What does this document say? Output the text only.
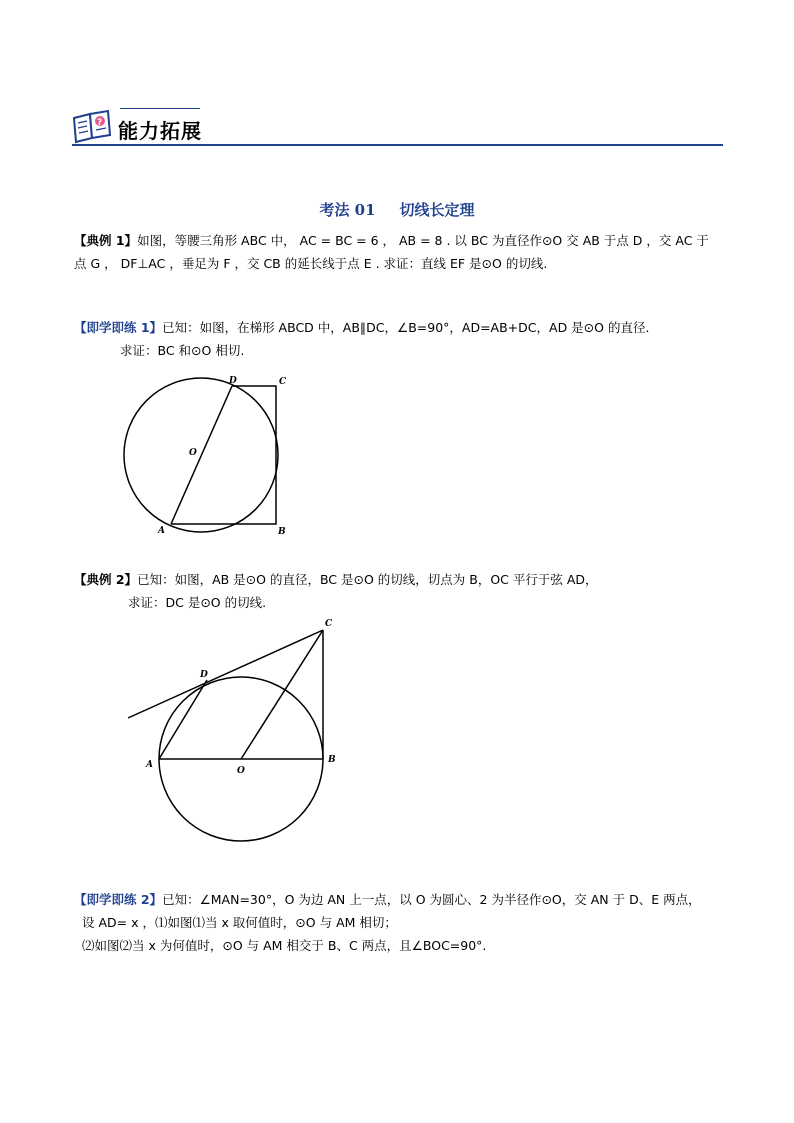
? 能力拓展
考法 01 切线长定理
【典例 1】如图，等腰三角形 ABC 中， AC = BC = 6 ， AB = 8 . 以 BC 为直径作⊙O 交 AB 于点 D ，交 AC 于
点 G ， DF⊥AC ，垂足为 F ，交 CB 的延长线于点 E . 求证：直线 EF 是⊙O 的切线.
【即学即练 1】已知：如图，在梯形 ABCD 中，AB∥DC，∠B=90°，AD=AB+DC，AD 是⊙O 的直径.
求证：BC 和⊙O 相切.
D	C
O
A	B
【典例 2】已知：如图，AB 是⊙O 的直径，BC 是⊙O 的切线，切点为 B，OC 平行于弦 AD，
求证：DC 是⊙O 的切线.
C
D
A
O
B
【即学即练 2】已知：∠MAN=30°，O 为边 AN 上一点，以 O 为圆心、2 为半径作⊙O，交 AN 于 D、E 两点，
设 AD= x ，⑴如图⑴当 x 取何值时，⊙O 与 AM 相切；
⑵如图⑵当 x 为何值时，⊙O 与 AM 相交于 B、C 两点，且∠BOC=90°.
